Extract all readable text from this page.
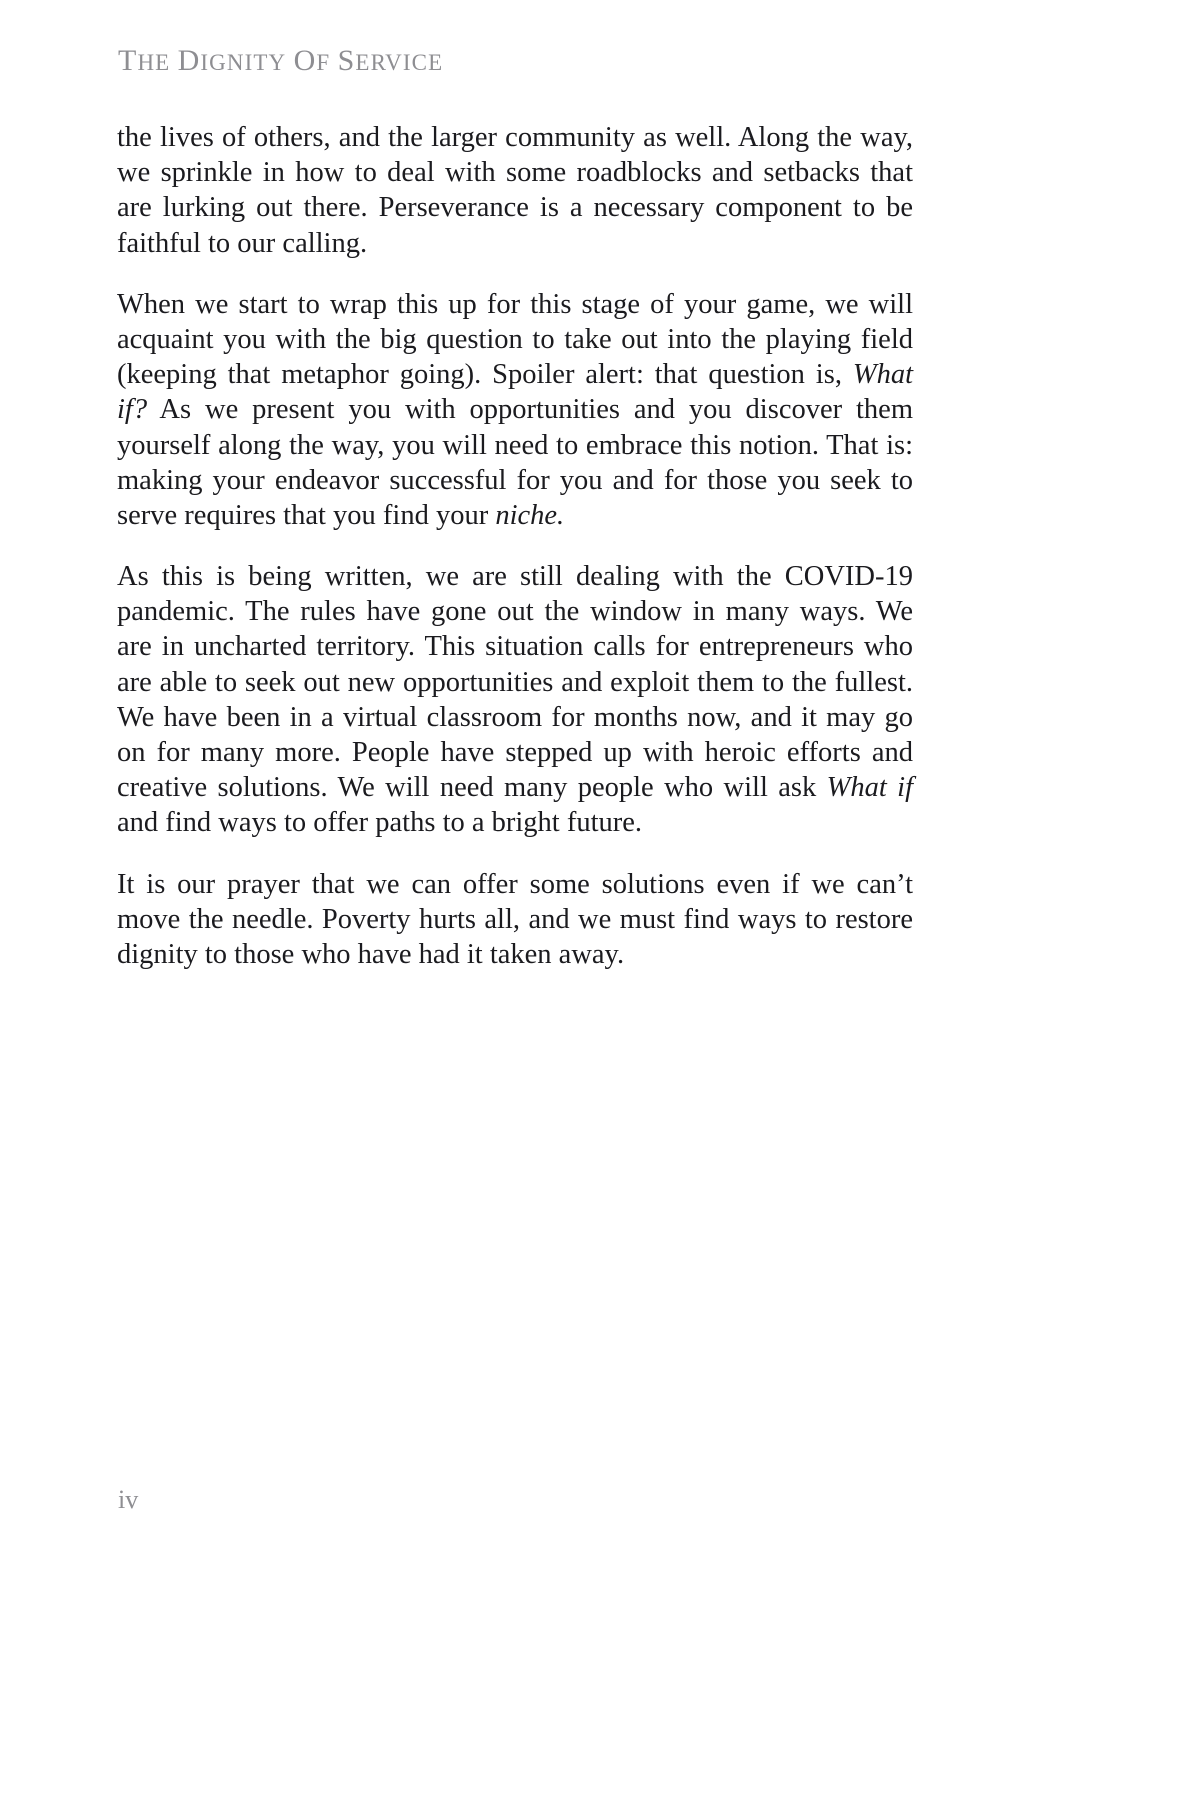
THE DIGNITY OF SERVICE

the lives of others, and the larger community as well. Along the way, we sprinkle in how to deal with some roadblocks and setbacks that are lurking out there. Perseverance is a necessary component to be faithful to our calling.

When we start to wrap this up for this stage of your game, we will acquaint you with the big question to take out into the playing field (keeping that metaphor going). Spoiler alert: that question is, What if? As we present you with opportunities and you discover them yourself along the way, you will need to embrace this notion. That is: making your endeavor successful for you and for those you seek to serve requires that you find your niche.

As this is being written, we are still dealing with the COVID-19 pandemic. The rules have gone out the window in many ways. We are in uncharted territory. This situation calls for entrepreneurs who are able to seek out new opportunities and exploit them to the fullest. We have been in a virtual classroom for months now, and it may go on for many more. People have stepped up with heroic efforts and creative solutions. We will need many people who will ask What if and find ways to offer paths to a bright future.

It is our prayer that we can offer some solutions even if we can’t move the needle. Poverty hurts all, and we must find ways to restore dignity to those who have had it taken away.

iv
